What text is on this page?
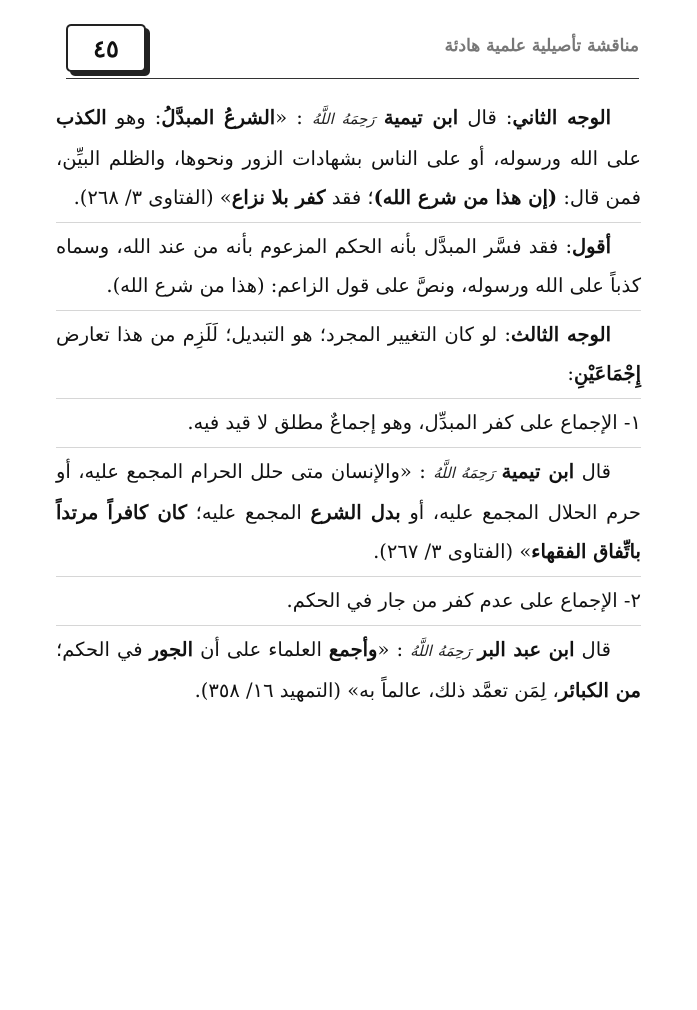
٤٥	مناقشة تأصيلية علمية هادئة

الوجه الثاني: قال ابن تيمية رَحِمَهُ اللَّهُ : «الشرعُ المبدَّلُ: وهو الكذب على الله ورسوله، أو على الناس بشهادات الزور ونحوها، والظلم البيِّن، فمن قال: (إن هذا من شرع الله)؛ فقد كفر بلا نزاع» (الفتاوى ٣/ ٢٦٨).

أقول: فقد فسَّر المبدَّل بأنه الحكم المزعوم بأنه من عند الله، وسماه كذباً على الله ورسوله، ونصَّ على قول الزاعم: (هذا من شرع الله).

الوجه الثالث: لو كان التغيير المجرد؛ هو التبديل؛ لَلَزِم من هذا تعارض إِجْمَاعَيْنِ:

١- الإجماع على كفر المبدِّل، وهو إجماعٌ مطلق لا قيد فيه.

قال ابن تيمية رَحِمَهُ اللَّهُ : «والإنسان متى حلل الحرام المجمع عليه، أو حرم الحلال المجمع عليه، أو بدل الشرع المجمع عليه؛ كان كافراً مرتداً باتِّفاق الفقهاء» (الفتاوى ٣/ ٢٦٧).

٢- الإجماع على عدم كفر من جار في الحكم.

قال ابن عبد البر رَحِمَهُ اللَّهُ : «وأجمع العلماء على أن الجور في الحكم؛ من الكبائر، لِمَن تعمَّد ذلك، عالماً به» (التمهيد ١٦/ ٣٥٨).
